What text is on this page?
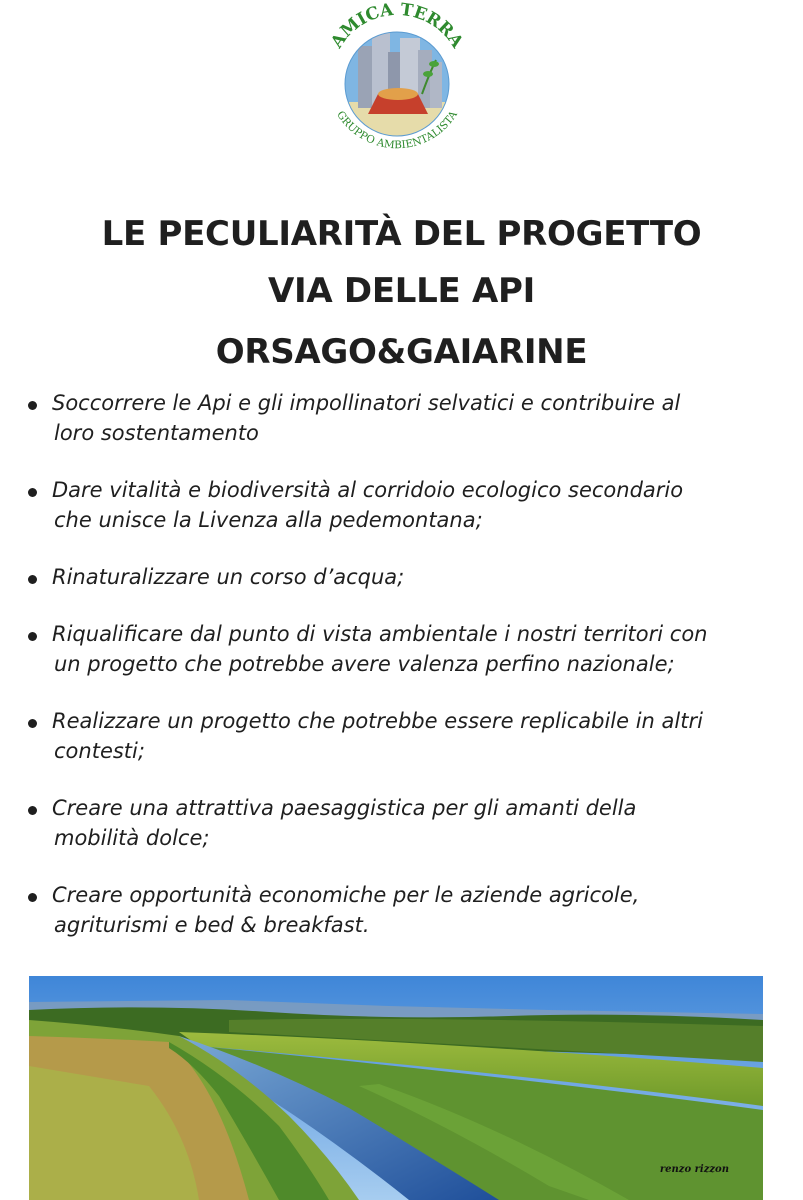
AMICA TERRA
GRUPPO AMBIENTALISTA

LE PECULIARITÀ DEL PROGETTO

VIA DELLE API

ORSAGO&GAIARINE

Soccorrere le Api e gli impollinatori selvatici e contribuire al
loro sostentamento
Dare vitalità e biodiversità al corridoio ecologico secondario
che unisce la Livenza alla pedemontana;
Rinaturalizzare un corso d’acqua;
Riqualificare dal punto di vista ambientale i nostri territori con
un progetto che potrebbe avere valenza perfino nazionale;
Realizzare un progetto che potrebbe essere replicabile in altri
contesti;
Creare una attrattiva paesaggistica per gli amanti della
mobilità dolce;
Creare opportunità economiche per le aziende agricole,
agriturismi e bed & breakfast.
renzo rizzon
